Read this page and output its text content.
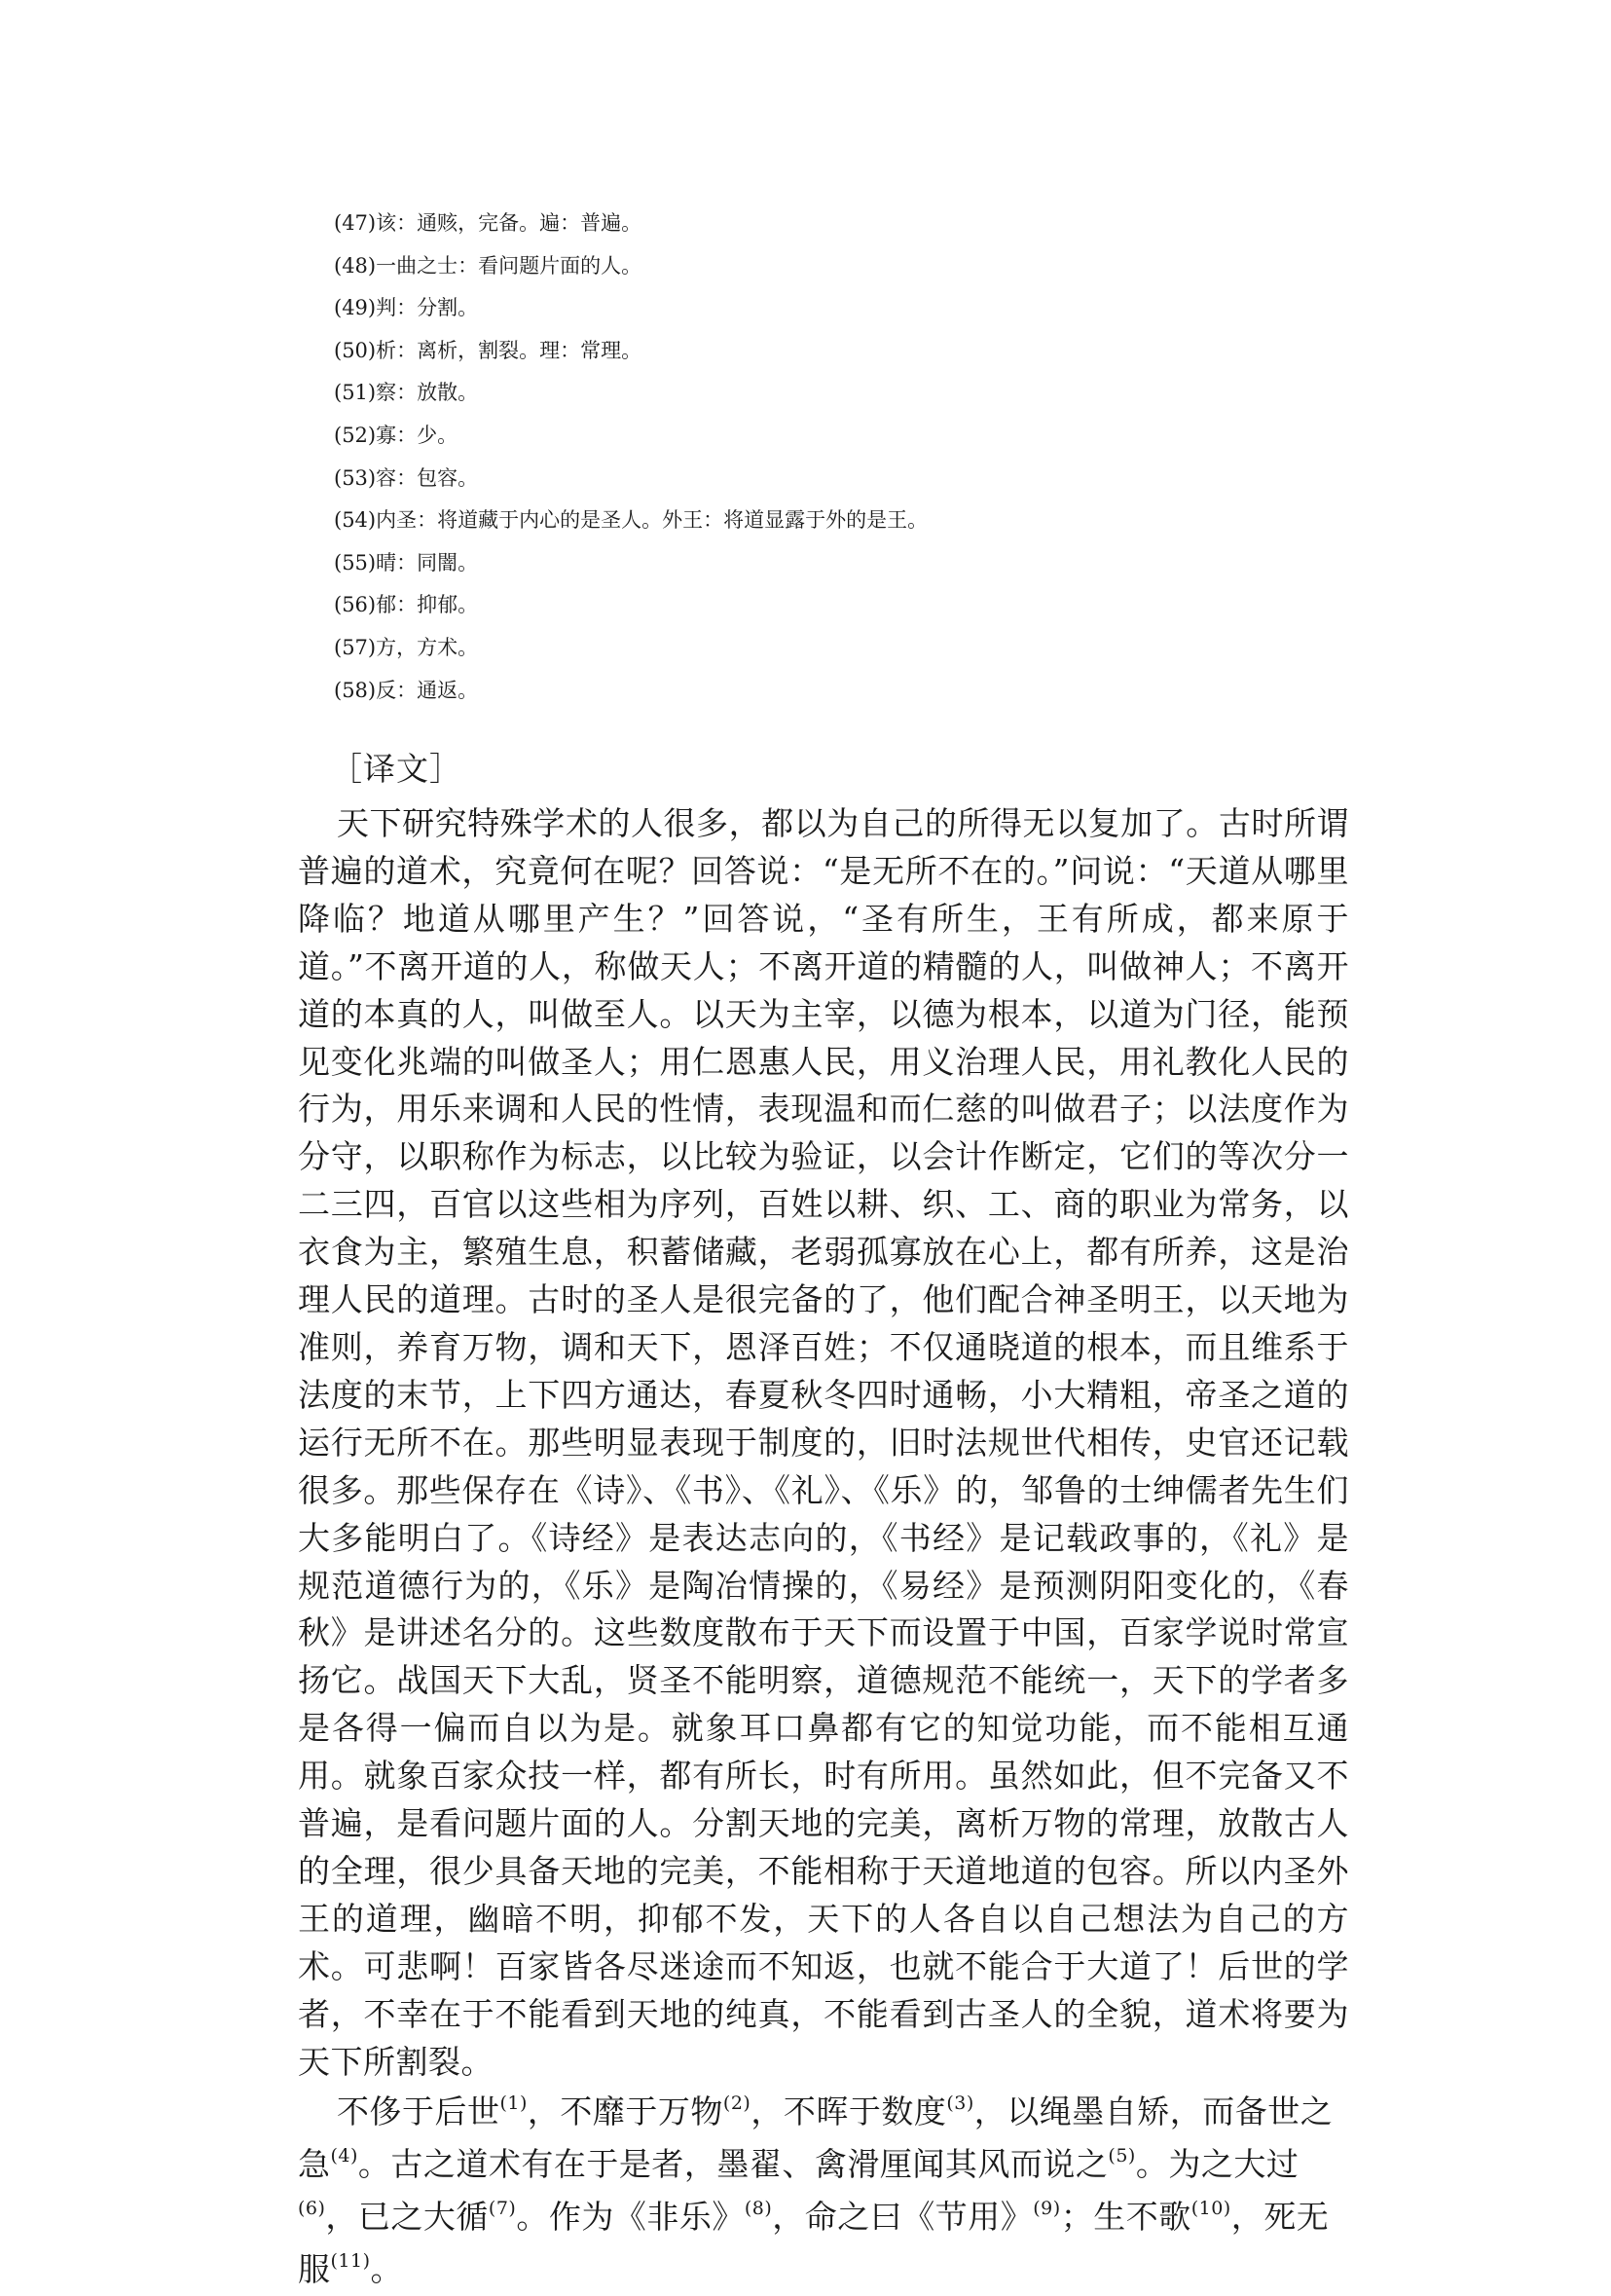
(47)该：通赅，完备。遍：普遍。
(48)一曲之士：看问题片面的人。
(49)判：分割。
(50)析：离析，割裂。理：常理。
(51)察：放散。
(52)寡：少。
(53)容：包容。
(54)内圣：将道藏于内心的是圣人。外王：将道显露于外的是王。
(55)晴：同闇。
(56)郁：抑郁。
(57)方，方术。
(58)反：通返。
［译文］

天下研究特殊学术的人很多，都以为自己的所得无以复加了。古时所谓普遍的道术，究竟何在呢？回答说：“是无所不在的。”问说：“天道从哪里降临？地道从哪里产生？”回答说，“圣有所生，王有所成，都来原于道。”不离开道的人，称做天人；不离开道的精髓的人，叫做神人；不离开道的本真的人，叫做至人。以天为主宰，以德为根本，以道为门径，能预见变化兆端的叫做圣人；用仁恩惠人民，用义治理人民，用礼教化人民的行为，用乐来调和人民的性情，表现温和而仁慈的叫做君子；以法度作为分守，以职称作为标志，以比较为验证，以会计作断定，它们的等次分一二三四，百官以这些相为序列，百姓以耕、织、工、商的职业为常务，以衣食为主，繁殖生息，积蓄储藏，老弱孤寡放在心上，都有所养，这是治理人民的道理。古时的圣人是很完备的了，他们配合神圣明王，以天地为准则，养育万物，调和天下，恩泽百姓；不仅通晓道的根本，而且维系于法度的末节，上下四方通达，春夏秋冬四时通畅，小大精粗，帝圣之道的运行无所不在。那些明显表现于制度的，旧时法规世代相传，史官还记载很多。那些保存在《诗》、《书》、《礼》、《乐》的，邹鲁的士绅儒者先生们大多能明白了。《诗经》是表达志向的，《书经》是记载政事的，《礼》是规范道德行为的，《乐》是陶冶情操的，《易经》是预测阴阳变化的，《春秋》是讲述名分的。这些数度散布于天下而设置于中国，百家学说时常宣扬它。战国天下大乱，贤圣不能明察，道德规范不能统一，天下的学者多是各得一偏而自以为是。就象耳口鼻都有它的知觉功能，而不能相互通用。就象百家众技一样，都有所长，时有所用。虽然如此，但不完备又不普遍，是看问题片面的人。分割天地的完美，离析万物的常理，放散古人的全理，很少具备天地的完美，不能相称于天道地道的包容。所以内圣外王的道理，幽暗不明，抑郁不发，天下的人各自以自己想法为自己的方术。可悲啊！百家皆各尽迷途而不知返，也就不能合于大道了！后世的学者，不幸在于不能看到天地的纯真，不能看到古圣人的全貌，道术将要为天下所割裂。

不侈于后世$^{(1)}$，不靡于万物$^{(2)}$，不晖于数度$^{(3)}$，以绳墨自矫，而备世之急$^{(4)}$。古之道术有在于是者，墨翟、禽滑厘闻其风而说之$^{(5)}$。为之大过$^{(6)}$，已之大循$^{(7)}$。作为《非乐》$^{(8)}$，命之曰《节用》$^{(9)}$；生不歌$^{(10)}$，死无服$^{(11)}$。
